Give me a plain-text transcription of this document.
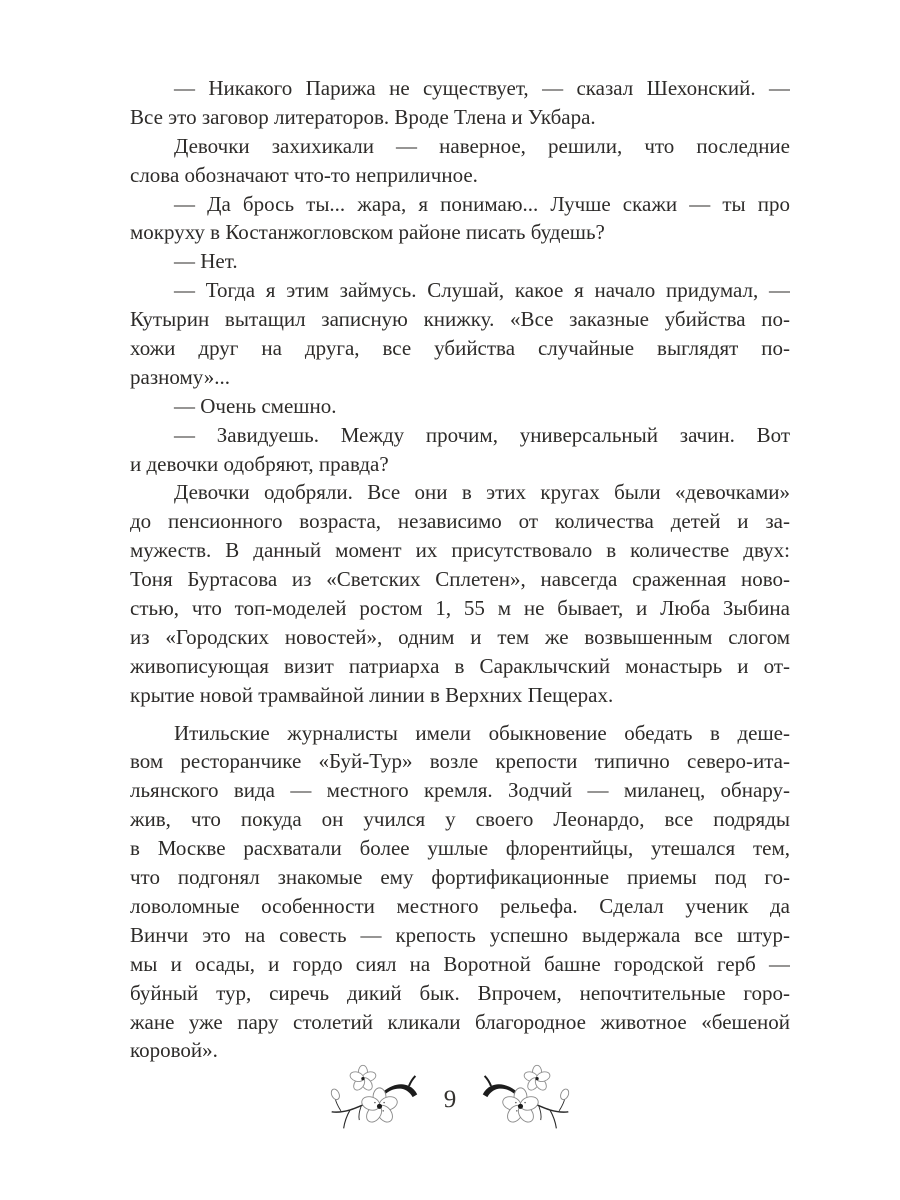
— Никакого Парижа не существует, — сказал Шехонский. —
Все это заговор литераторов. Вроде Тлена и Укбара.
Девочки захихикали — наверное, решили, что последние
слова обозначают что-то неприличное.
— Да брось ты... жара, я понимаю... Лучше скажи — ты про
мокруху в Костанжогловском районе писать будешь?
— Нет.
— Тогда я этим займусь. Слушай, какое я начало придумал, —
Кутырин вытащил записную книжку. «Все заказные убийства по-
хожи друг на друга, все убийства случайные выглядят по-
разному»...
— Очень смешно.
— Завидуешь. Между прочим, универсальный зачин. Вот
и девочки одобряют, правда?
Девочки одобряли. Все они в этих кругах были «девочками»
до пенсионного возраста, независимо от количества детей и за-
мужеств. В данный момент их присутствовало в количестве двух:
Тоня Буртасова из «Светских Сплетен», навсегда сраженная ново-
стью, что топ-моделей ростом 1, 55 м не бывает, и Люба Зыбина
из «Городских новостей», одним и тем же возвышенным слогом
живописующая визит патриарха в Сараклычский монастырь и от-
крытие новой трамвайной линии в Верхних Пещерах.
Итильские журналисты имели обыкновение обедать в деше-
вом ресторанчике «Буй-Тур» возле крепости типично северо-ита-
льянского вида — местного кремля. Зодчий — миланец, обнару-
жив, что покуда он учился у своего Леонардо, все подряды
в Москве расхватали более ушлые флорентийцы, утешался тем,
что подгонял знакомые ему фортификационные приемы под го-
ловоломные особенности местного рельефа. Сделал ученик да
Винчи это на совесть — крепость успешно выдержала все штур-
мы и осады, и гордо сиял на Воротной башне городской герб —
буйный тур, сиречь дикий бык. Впрочем, непочтительные горо-
жане уже пару столетий кликали благородное животное «бешеной
коровой».
9
